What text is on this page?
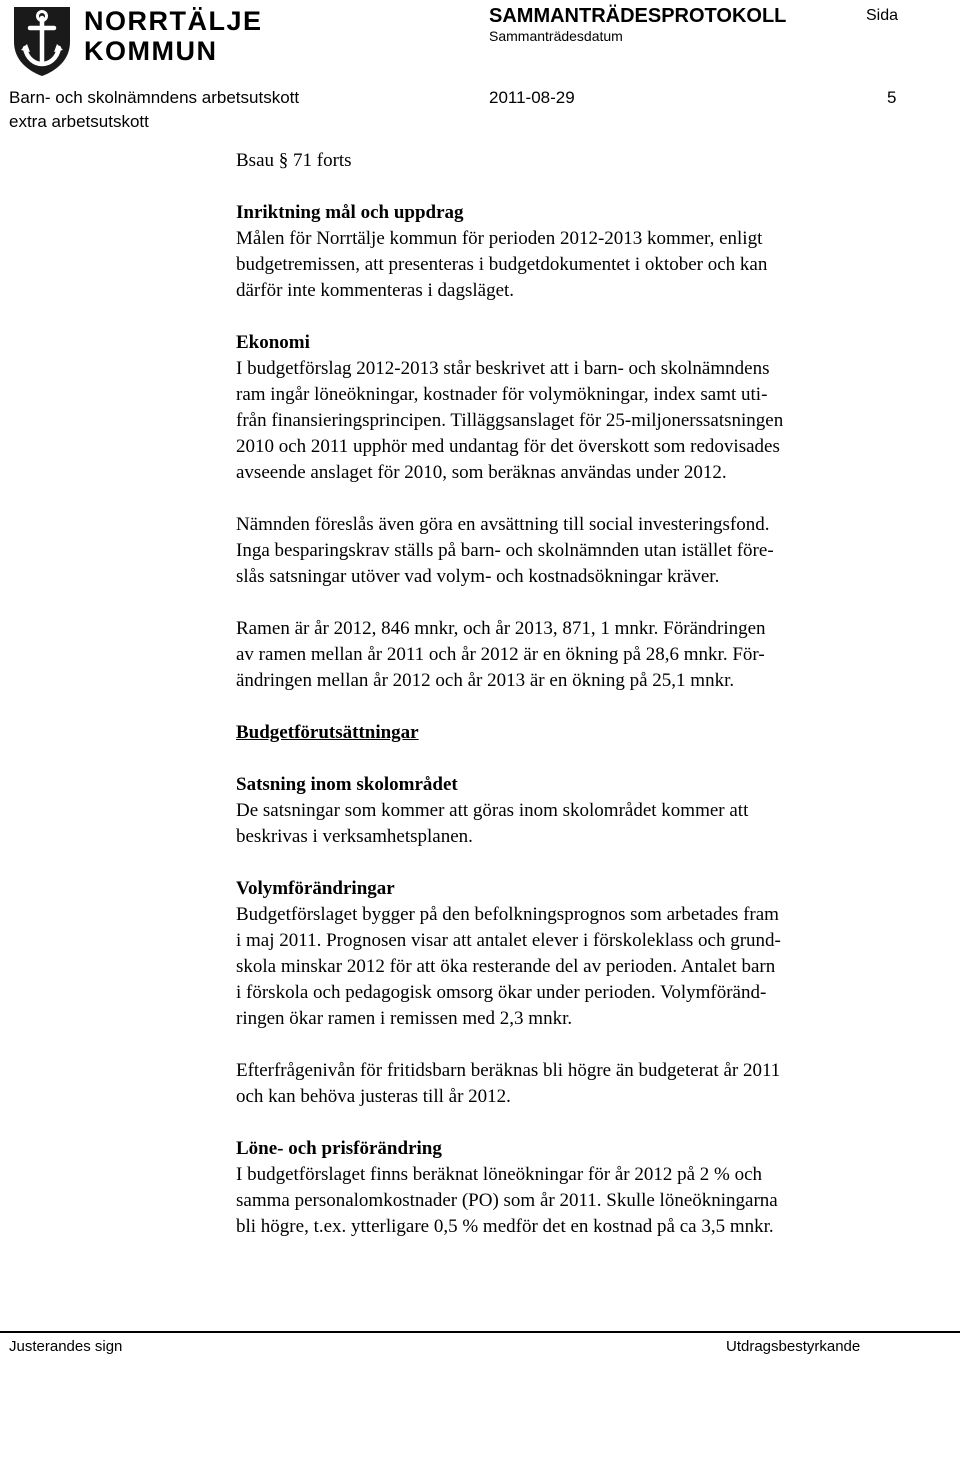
NORRTÄLJE
KOMMUN
SAMMANTRÄDESPROTOKOLL
Sammanträdesdatum
Sida
Barn- och skolnämndens arbetsutskott
extra arbetsutskott
2011-08-29	5

Bsau § 71 forts

Inriktning mål och uppdrag

Målen för Norrtälje kommun för perioden 2012-2013 kommer, enligt

budgetremissen, att presenteras i budgetdokumentet i oktober och kan

därför inte kommenteras i dagsläget.

Ekonomi

I budgetförslag 2012-2013 står beskrivet att i barn- och skolnämndens

ram ingår löneökningar, kostnader för volymökningar, index samt uti-

från finansieringsprincipen. Tilläggsanslaget för 25-miljonerssatsningen

2010 och 2011 upphör med undantag för det överskott som redovisades

avseende anslaget för 2010, som beräknas användas under 2012.

Nämnden föreslås även göra en avsättning till social investeringsfond.

Inga besparingskrav ställs på barn- och skolnämnden utan istället före-

slås satsningar utöver vad volym- och kostnadsökningar kräver.

Ramen är år 2012, 846 mnkr, och år 2013, 871, 1 mnkr. Förändringen

av ramen mellan år 2011 och år 2012 är en ökning på 28,6 mnkr. För-

ändringen mellan år 2012 och år 2013 är en ökning på 25,1 mnkr.

Budgetförutsättningar

Satsning inom skolområdet

De satsningar som kommer att göras inom skolområdet kommer att

beskrivas i verksamhetsplanen.

Volymförändringar

Budgetförslaget bygger på den befolkningsprognos som arbetades fram

i maj 2011. Prognosen visar att antalet elever i förskoleklass och grund-

skola minskar 2012 för att öka resterande del av perioden. Antalet barn

i förskola och pedagogisk omsorg ökar under perioden. Volymföränd-

ringen ökar ramen i remissen med 2,3 mnkr.

Efterfrågenivån för fritidsbarn beräknas bli högre än budgeterat år 2011

och kan behöva justeras till år 2012.

Löne- och prisförändring

I budgetförslaget finns beräknat löneökningar för år 2012 på 2 % och

samma personalomkostnader (PO) som år 2011. Skulle löneökningarna

bli högre, t.ex. ytterligare 0,5 % medför det en kostnad på ca 3,5 mnkr.

Justerandes sign	Utdragsbestyrkande
